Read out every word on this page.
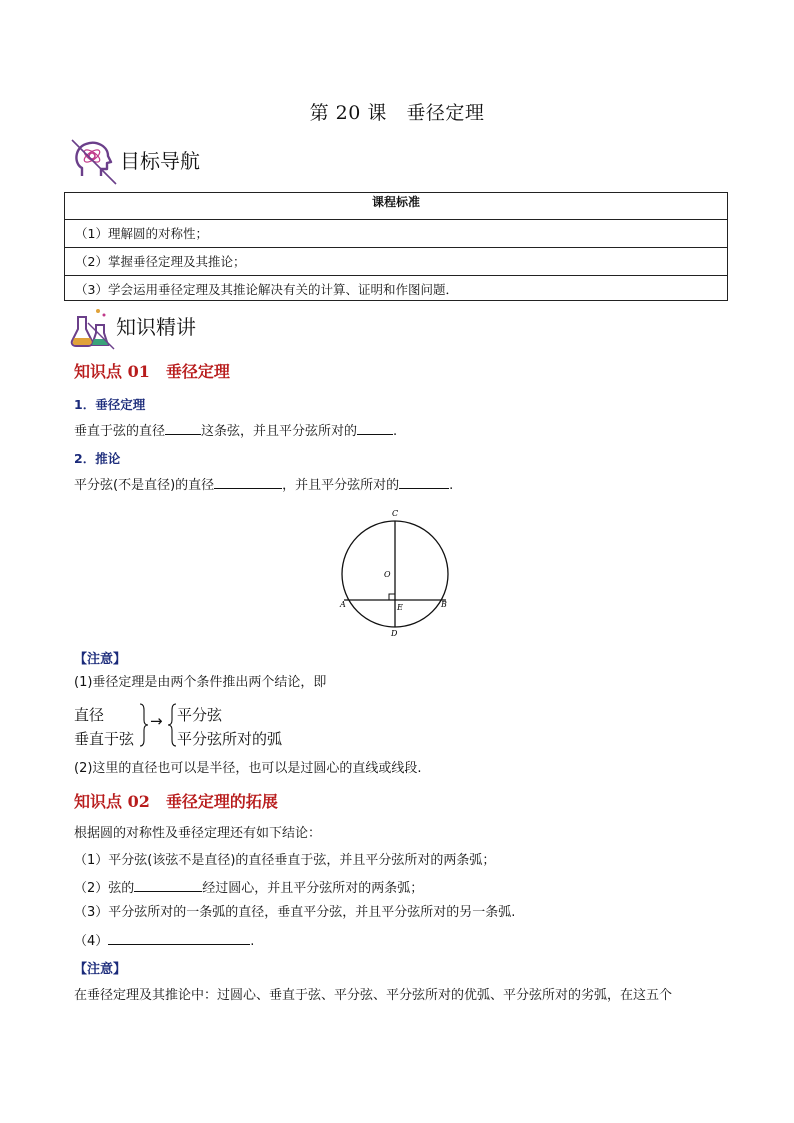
第 20 课　垂径定理
目标导航
课程标准
（1）理解圆的对称性；
（2）掌握垂径定理及其推论；
（3）学会运用垂径定理及其推论解决有关的计算、证明和作图问题．
知识精讲
知识点 01　垂径定理
1．垂径定理
垂直于弦的直径	这条弦，并且平分弦所对的	.
2．推论
平分弦(不是直径)的直径	，并且平分弦所对的	.
C
O
A	E	B
D
【注意】
(1)垂径定理是由两个条件推出两个结论，即
直径
垂直于弦
→ 平分弦
平分弦所对的弧
(2)这里的直径也可以是半径，也可以是过圆心的直线或线段.
知识点 02　垂径定理的拓展
根据圆的对称性及垂径定理还有如下结论：
（1）平分弦(该弦不是直径)的直径垂直于弦，并且平分弦所对的两条弧；
（2）弦的	经过圆心，并且平分弦所对的两条弧；
（3）平分弦所对的一条弧的直径，垂直平分弦，并且平分弦所对的另一条弧.
（4）	.
【注意】
在垂径定理及其推论中：过圆心、垂直于弦、平分弦、平分弦所对的优弧、平分弦所对的劣弧，在这五个
